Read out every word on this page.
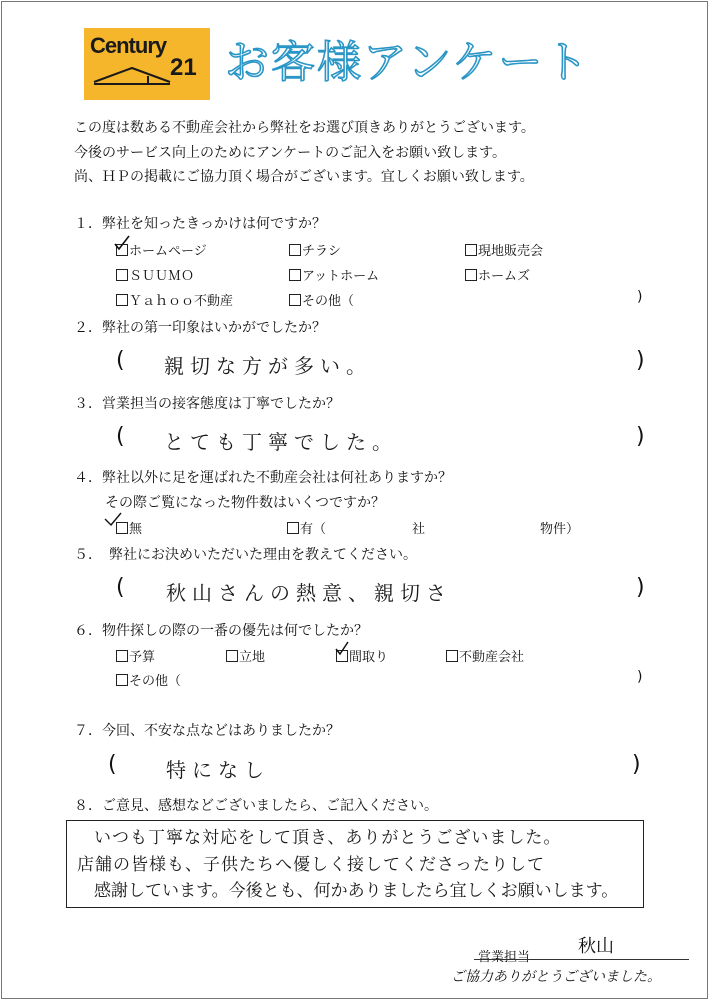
Century
21 お客様アンケート
この度は数ある不動産会社から弊社をお選び頂きありがとうございます。
今後のサービス向上のためにアンケートのご記入をお願い致します。
尚、ＨＰの掲載にご協力頂く場合がございます。宜しくお願い致します。
１．弊社を知ったきっかけは何ですか？
ホームページ	チラシ	現地販売会
ＳＵＵＭＯ	アットホーム	ホームズ
Ｙａｈｏｏ不動産	その他（	)
２．弊社の第一印象はいかがでしたか？
( 親切な方が多い。	)
３．営業担当の接客態度は丁寧でしたか？
( とても丁寧でした。	)
４．弊社以外に足を運ばれた不動産会社は何社ありますか？
その際ご覧になった物件数はいくつですか？
無	有（	社	物件）
５．　弊社にお決めいただいた理由を教えてください。
( 秋山さんの熱意、親切さ	)
６．物件探しの際の一番の優先は何でしたか？
予算	立地	間取り	不動産会社
その他（	)
７．今回、不安な点などはありましたか？
( 特になし	)
８．ご意見、感想などございましたら、ご記入ください。
いつも丁寧な対応をして頂き、ありがとうございました。
店舗の皆様も、子供たちへ優しく接してくださったりして
感謝しています。今後とも、何かありましたら宜しくお願いします。
営業担当
秋山
ご協力ありがとうございました。
